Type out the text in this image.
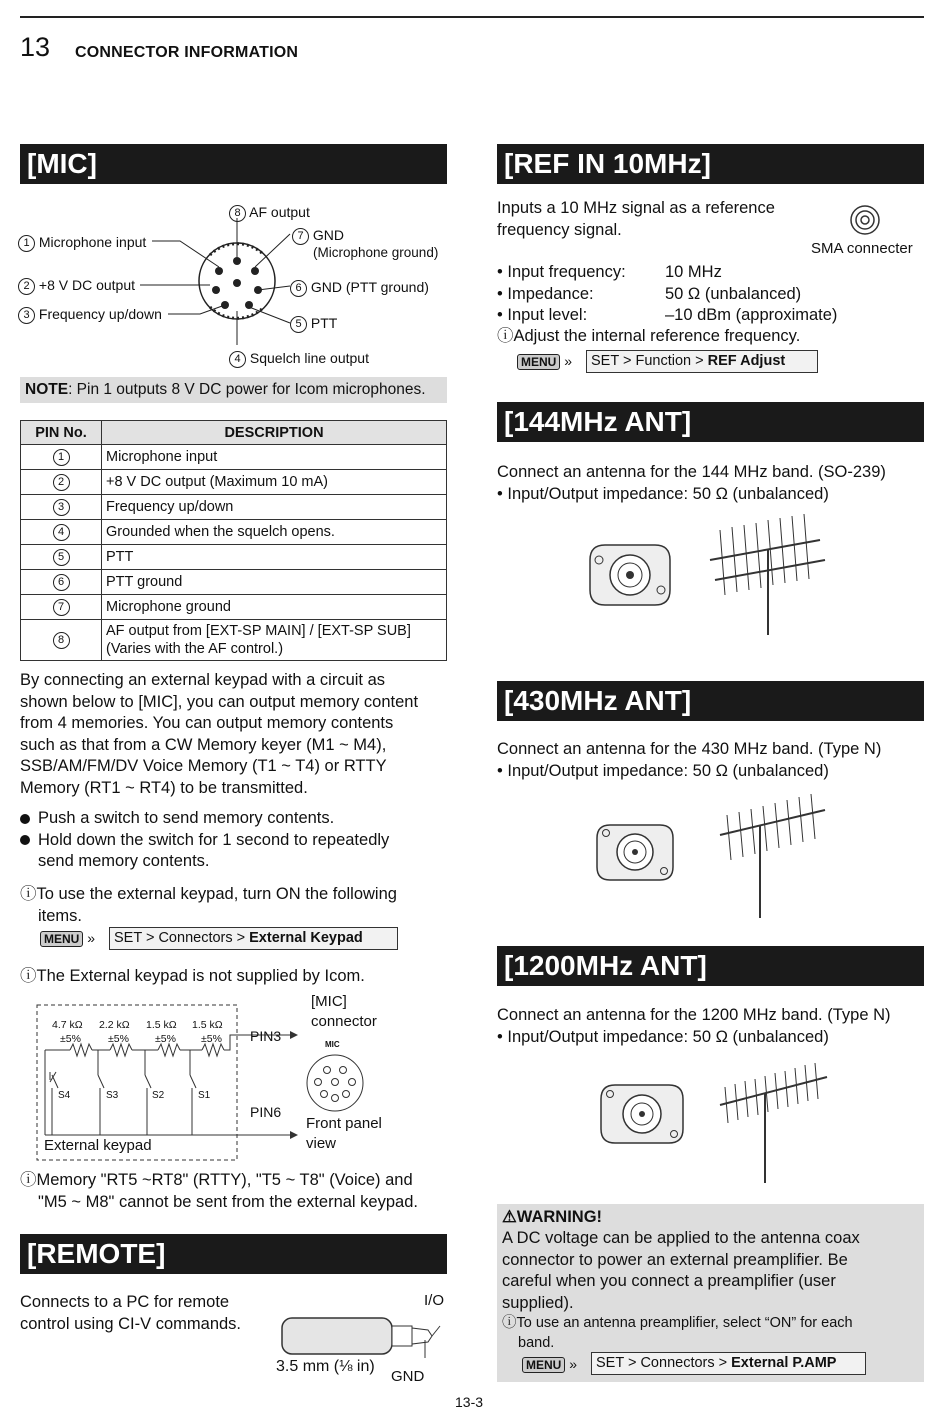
13 CONNECTOR INFORMATION
[MIC]
1 Microphone input
2 +8 V DC output
3 Frequency up/down
8 AF output
7 GND
(Microphone ground)
6 GND (PTT ground)
5 PTT
4 Squelch line output
NOTE: Pin 1 outputs 8 V DC power for Icom microphones.
PIN No.	DESCRIPTION
1	Microphone input
2	+8 V DC output (Maximum 10 mA)
3	Frequency up/down
4	Grounded when the squelch opens.
5	PTT
6	PTT ground
7	Microphone ground
8	AF output from [EXT-SP MAIN] / [EXT-SP SUB]
(Varies with the AF control.)
By connecting an external keypad with a circuit as
shown below to [MIC], you can output memory content
from 4 memories. You can output memory contents
such as that from a CW Memory keyer (M1 ~ M4),
SSB/AM/FM/DV Voice Memory (T1 ~ T4) or RTTY
Memory (RT1 ~ RT4) to be transmitted.
Push a switch to send memory contents.
Hold down the switch for 1 second to repeatedly
send memory contents.
ⓘTo use the external keypad, turn ON the following
items.
MENU »	SET > Connectors > External Keypad
ⓘThe External keypad is not supplied by Icom.
4.7 kΩ 2.2 kΩ 1.5 kΩ 1.5 kΩ
±5%	±5% ±5% ±5%
S4	S3	S2	S1
PIN3
PIN6
External keypad
[MIC]
connector
MIC
Front panel
view
ⓘMemory "RT5 ~RT8" (RTTY), "T5 ~ T8" (Voice) and
"M5 ~ M8" cannot be sent from the external keypad.
[REMOTE]
Connects to a PC for remote
control using CI-V commands.
I/O
GND
3.5 mm (⅛ in)
[REF IN 10MHz]
Inputs a 10 MHz signal as a reference
frequency signal.
SMA connecter
• Input frequency: 10 MHz
• Impedance:	50 Ω (unbalanced)
• Input level:	–10 dBm (approximate)
ⓘAdjust the internal reference frequency.
MENU »	SET > Function > REF Adjust
[144MHz ANT]
Connect an antenna for the 144 MHz band. (SO-239)
• Input/Output impedance: 50 Ω (unbalanced)
[430MHz ANT]
Connect an antenna for the 430 MHz band. (Type N)
• Input/Output impedance: 50 Ω (unbalanced)
[1200MHz ANT]
Connect an antenna for the 1200 MHz band. (Type N)
• Input/Output impedance: 50 Ω (unbalanced)
⚠WARNING!
A DC voltage can be applied to the antenna coax
connector to power an external preamplifier. Be
careful when you connect a preamplifier (user
supplied).
ⓘTo use an antenna preamplifier, select “ON” for each
band.
MENU »	SET > Connectors > External P.AMP
13-3
